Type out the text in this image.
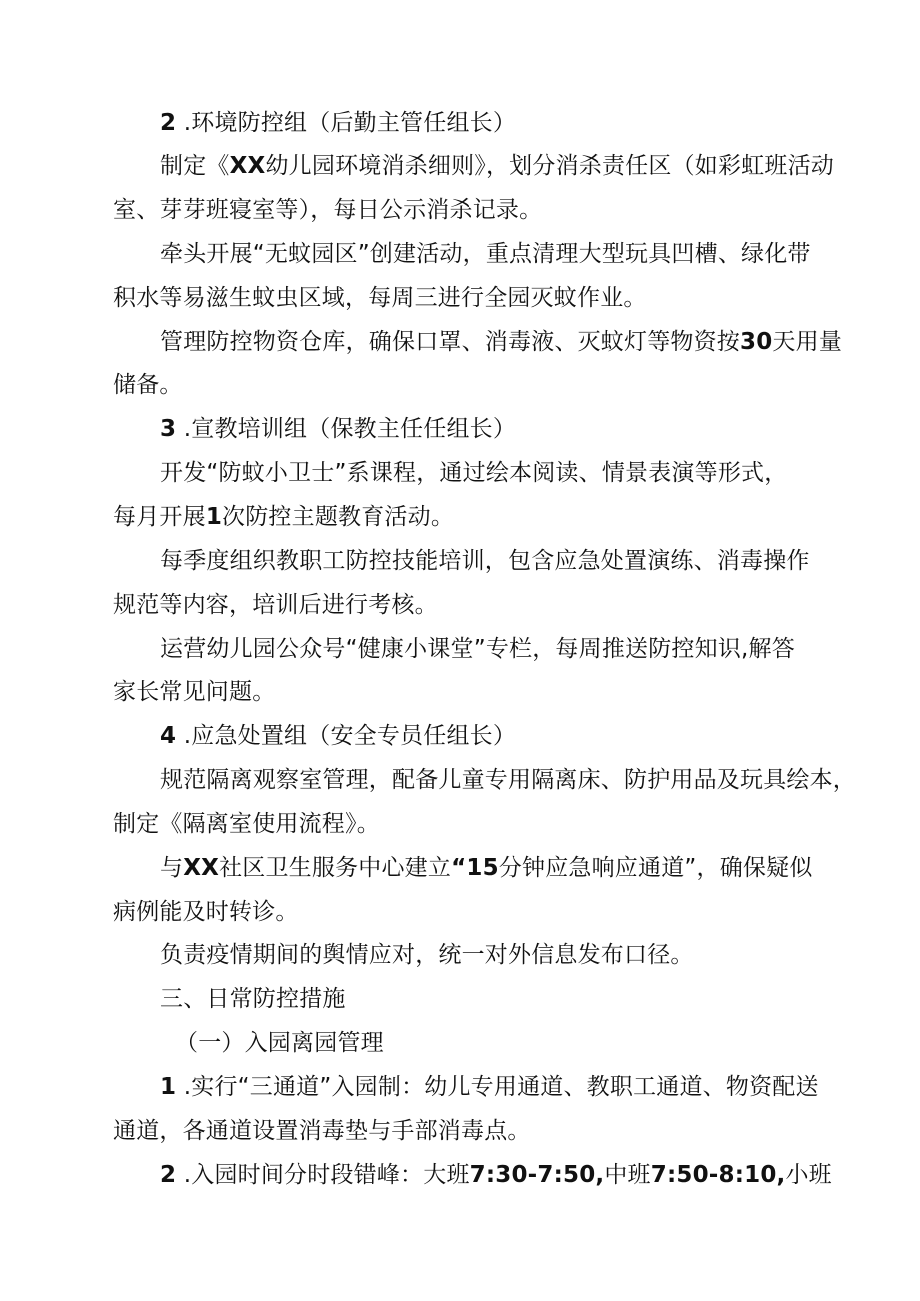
2 .环境防控组（后勤主管任组长）
制定《XX幼儿园环境消杀细则》，划分消杀责任区（如彩虹班活动
室、芽芽班寝室等），每日公示消杀记录。
牵头开展“无蚊园区”创建活动，重点清理大型玩具凹槽、绿化带
积水等易滋生蚊虫区域，每周三进行全园灭蚊作业。
管理防控物资仓库，确保口罩、消毒液、灭蚊灯等物资按30天用量
储备。
3 .宣教培训组（保教主任任组长）
开发“防蚊小卫士”系课程，通过绘本阅读、情景表演等形式，
每月开展1次防控主题教育活动。
每季度组织教职工防控技能培训，包含应急处置演练、消毒操作
规范等内容，培训后进行考核。
运营幼儿园公众号“健康小课堂”专栏，每周推送防控知识,解答
家长常见问题。
4 .应急处置组（安全专员任组长）
规范隔离观察室管理，配备儿童专用隔离床、防护用品及玩具绘本，
制定《隔离室使用流程》。
与XX社区卫生服务中心建立“15分钟应急响应通道”，确保疑似
病例能及时转诊。
负责疫情期间的舆情应对，统一对外信息发布口径。
三、日常防控措施
（一）入园离园管理
1 .实行“三通道”入园制：幼儿专用通道、教职工通道、物资配送
通道，各通道设置消毒垫与手部消毒点。
2 .入园时间分时段错峰：大班7:30-7:50,中班7:50-8:10,小班
